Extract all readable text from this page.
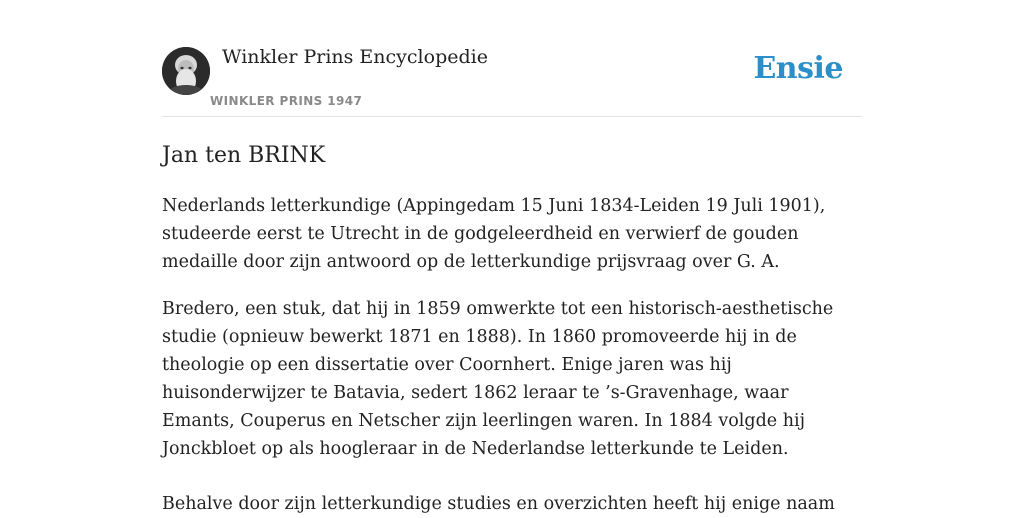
Winkler Prins Encyclopedie
WINKLER PRINS 1947
Ensie
Jan ten BRINK

Nederlands letterkundige (Appingedam 15 Juni 1834-Leiden 19 Juli 1901), studeerde eerst te Utrecht in de godgeleerdheid en verwierf de gouden medaille door zijn antwoord op de letterkundige prijsvraag over G. A.

Bredero, een stuk, dat hij in 1859 omwerkte tot een historisch-aesthetische studie (opnieuw bewerkt 1871 en 1888). In 1860 promoveerde hij in de theologie op een dissertatie over Coornhert. Enige jaren was hij huisonderwijzer te Batavia, sedert 1862 leraar te ’s-Gravenhage, waar Emants, Couperus en Netscher zijn leerlingen waren. In 1884 volgde hij Jonckbloet op als hoogleraar in de Nederlandse letterkunde te Leiden.

Behalve door zijn letterkundige studies en overzichten heeft hij enige naam
